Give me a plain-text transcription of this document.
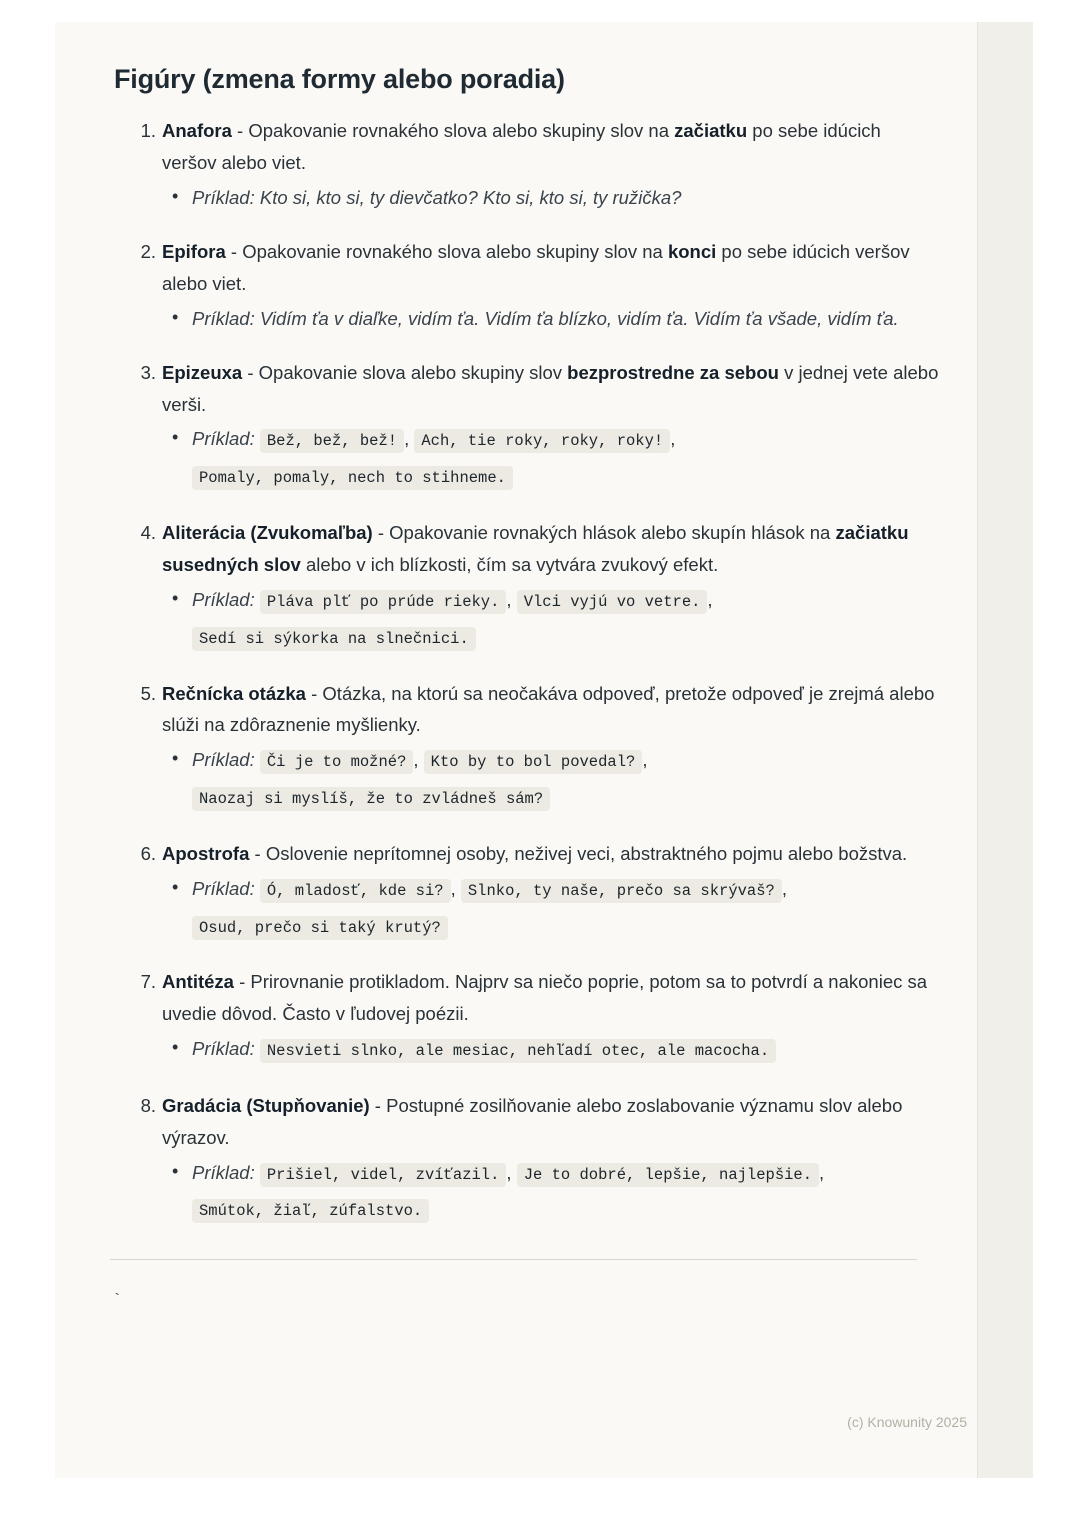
Figúry (zmena formy alebo poradia)
Anafora - Opakovanie rovnakého slova alebo skupiny slov na začiatku po sebe idúcich veršov alebo viet.
• Príklad: Kto si, kto si, ty dievčatko? Kto si, kto si, ty ružička?
Epifora - Opakovanie rovnakého slova alebo skupiny slov na konci po sebe idúcich veršov alebo viet.
• Príklad: Vidím ťa v diaľke, vidím ťa. Vidím ťa blízko, vidím ťa. Vidím ťa všade, vidím ťa.
Epizeuxa - Opakovanie slova alebo skupiny slov bezprostredne za sebou v jednej vete alebo verši.
• Príklad: Bež, bež, bež! , Ach, tie roky, roky, roky! , Pomaly, pomaly, nech to stihneme.
Aliterácia (Zvukomaľba) - Opakovanie rovnakých hlások alebo skupín hlások na začiatku susedných slov alebo v ich blízkosti, čím sa vytvára zvukový efekt.
• Príklad: Pláva plť po prúde rieky. , Vlci vyjú vo vetre. , Sedí si sýkorka na slnečnici.
Rečnícka otázka - Otázka, na ktorú sa neočakáva odpoveď, pretože odpoveď je zrejmá alebo slúži na zdôraznenie myšlienky.
• Príklad: Či je to možné? , Kto by to bol povedal? , Naozaj si myslíš, že to zvládneš sám?
Apostrofa - Oslovenie neprítomnej osoby, neživej veci, abstraktného pojmu alebo božstva.
• Príklad: Ó, mladosť, kde si? , Slnko, ty naše, prečo sa skrývaš? , Osud, prečo si taký krutý?
Antitéza - Prirovnanie protikladom. Najprv sa niečo poprie, potom sa to potvrdí a nakoniec sa uvedie dôvod. Často v ľudovej poézii.
• Príklad: Nesvieti slnko, ale mesiac, nehľadí otec, ale macocha.
Gradácia (Stupňovanie) - Postupné zosilňovanie alebo zoslabovanie významu slov alebo výrazov.
• Príklad: Prišiel, videl, zvíťazil. , Je to dobré, lepšie, najlepšie. , Smútok, žiaľ, zúfalstvo.
`
(c) Knowunity 2025
